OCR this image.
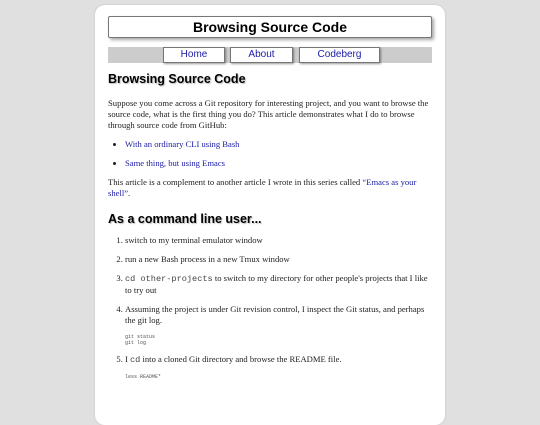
Browsing Source Code
Home	About	Codeberg
Browsing Source Code

Suppose you come across a Git repository for interesting project, and you want to browse the source code, what is the first thing you do? This article demonstrates what I do to browse through source code from GitHub:

• With an ordinary CLI using Bash
• Same thing, but using Emacs

This article is a complement to another article I wrote in this series called “Emacs as your shell”.

As a command line user...
1. switch to my terminal emulator window
2. run a new Bash process in a new Tmux window
3. cd other-projects to switch to my directory for other people's projects that I like to try out
4. Assuming the project is under Git revision control, I inspect the Git status, and perhaps the git log.
git status
git log
5. I cd into a cloned Git directory and browse the README file.
less README*
